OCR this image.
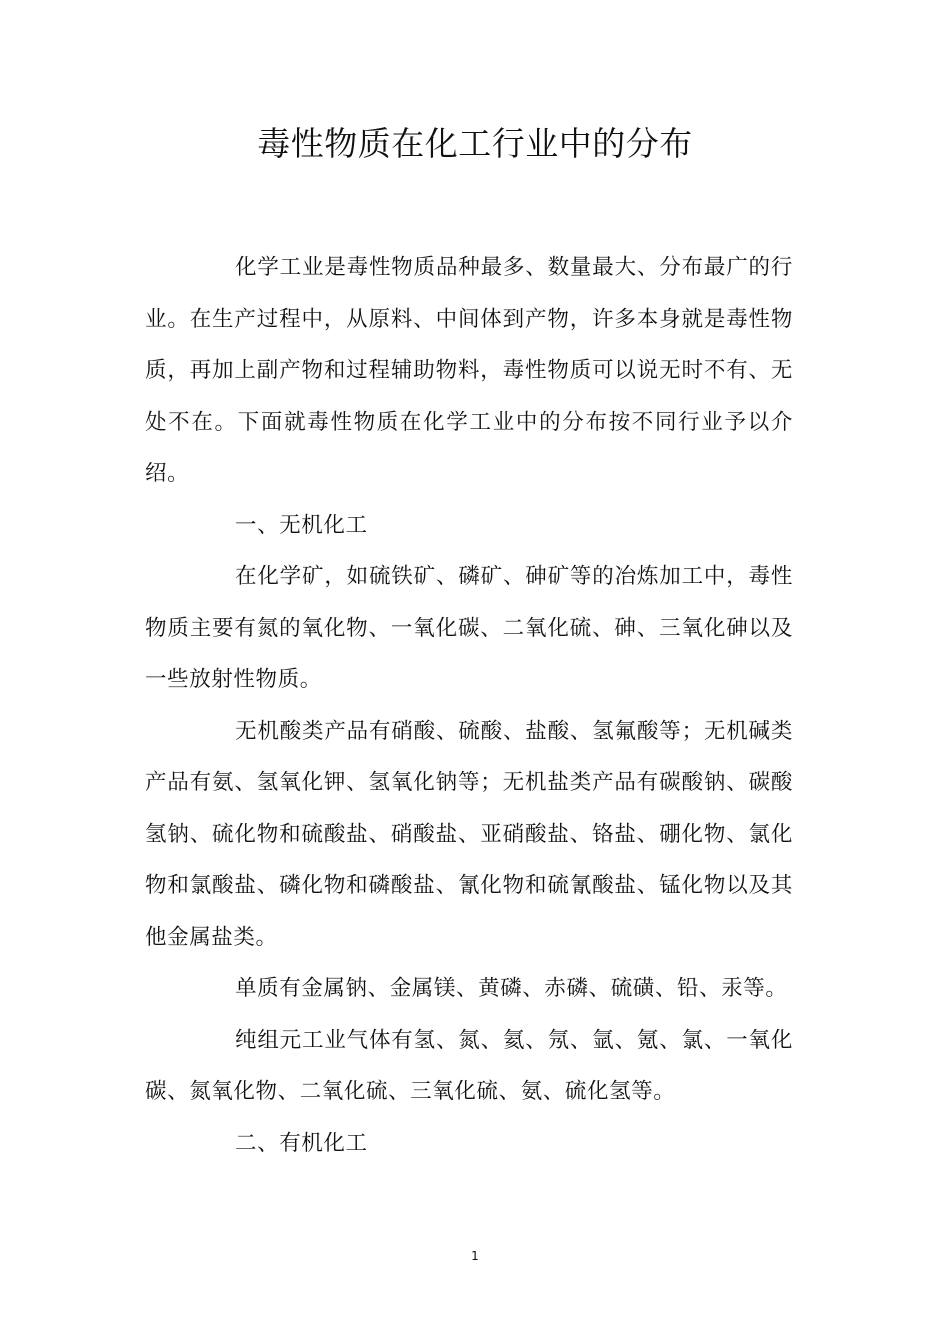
毒性物质在化工行业中的分布

化学工业是毒性物质品种最多、数量最大、分布最广的行业。在生产过程中，从原料、中间体到产物，许多本身就是毒性物质，再加上副产物和过程辅助物料，毒性物质可以说无时不有、无处不在。下面就毒性物质在化学工业中的分布按不同行业予以介绍。

一、无机化工

在化学矿，如硫铁矿、磷矿、砷矿等的冶炼加工中，毒性物质主要有氮的氧化物、一氧化碳、二氧化硫、砷、三氧化砷以及一些放射性物质。

无机酸类产品有硝酸、硫酸、盐酸、氢氟酸等；无机碱类产品有氨、氢氧化钾、氢氧化钠等；无机盐类产品有碳酸钠、碳酸氢钠、硫化物和硫酸盐、硝酸盐、亚硝酸盐、铬盐、硼化物、氯化物和氯酸盐、磷化物和磷酸盐、氰化物和硫氰酸盐、锰化物以及其他金属盐类。

单质有金属钠、金属镁、黄磷、赤磷、硫磺、铅、汞等。

纯组元工业气体有氢、氮、氦、氖、氩、氪、氯、一氧化碳、氮氧化物、二氧化硫、三氧化硫、氨、硫化氢等。

二、有机化工

1
